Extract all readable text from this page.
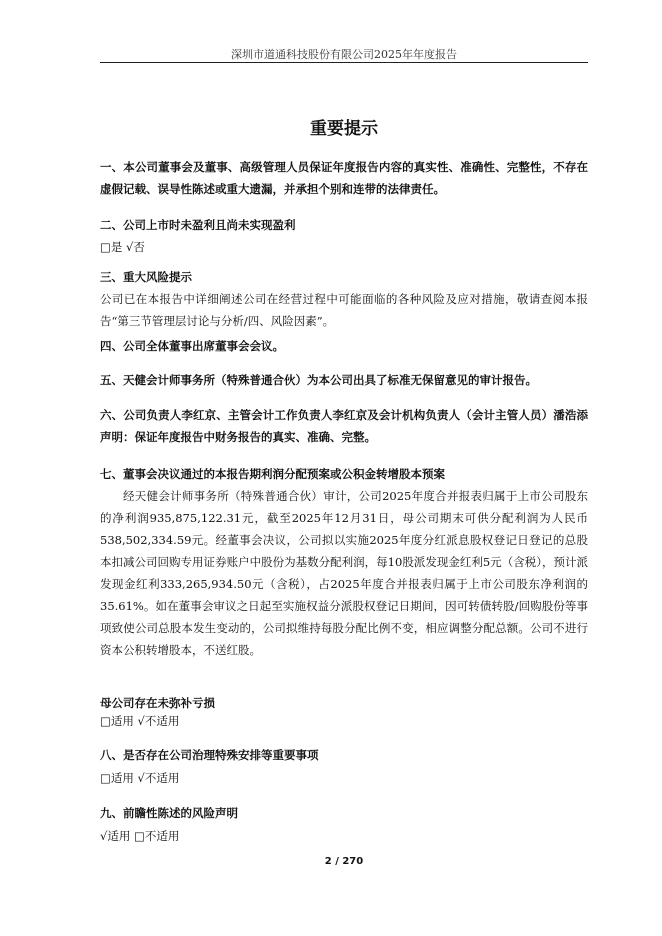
深圳市道通科技股份有限公司2025年年度报告
重要提示
一、本公司董事会及董事、高级管理人员保证年度报告内容的真实性、准确性、完整性，不存在虚假记载、误导性陈述或重大遗漏，并承担个别和连带的法律责任。
二、公司上市时未盈利且尚未实现盈利
□是 √否
三、重大风险提示
公司已在本报告中详细阐述公司在经营过程中可能面临的各种风险及应对措施，敬请查阅本报告“第三节管理层讨论与分析/四、风险因素”。
四、公司全体董事出席董事会会议。
五、天健会计师事务所（特殊普通合伙）为本公司出具了标准无保留意见的审计报告。
六、公司负责人李红京、主管会计工作负责人李红京及会计机构负责人（会计主管人员）潘浩添声明：保证年度报告中财务报告的真实、准确、完整。
七、董事会决议通过的本报告期利润分配预案或公积金转增股本预案
经天健会计师事务所（特殊普通合伙）审计，公司2025年度合并报表归属于上市公司股东的净利润935,875,122.31元，截至2025年12月31日，母公司期末可供分配利润为人民币538,502,334.59元。经董事会决议，公司拟以实施2025年度分红派息股权登记日登记的总股本扣减公司回购专用证券账户中股份为基数分配利润，每10股派发现金红利5元（含税），预计派发现金红利333,265,934.50元（含税），占2025年度合并报表归属于上市公司股东净利润的35.61%。如在董事会审议之日起至实施权益分派股权登记日期间，因可转债转股/回购股份等事项致使公司总股本发生变动的，公司拟维持每股分配比例不变，相应调整分配总额。公司不进行资本公积转增股本，不送红股。
母公司存在未弥补亏损
□适用 √不适用
八、是否存在公司治理特殊安排等重要事项
□适用 √不适用
九、前瞻性陈述的风险声明
√适用 □不适用
2 / 270
